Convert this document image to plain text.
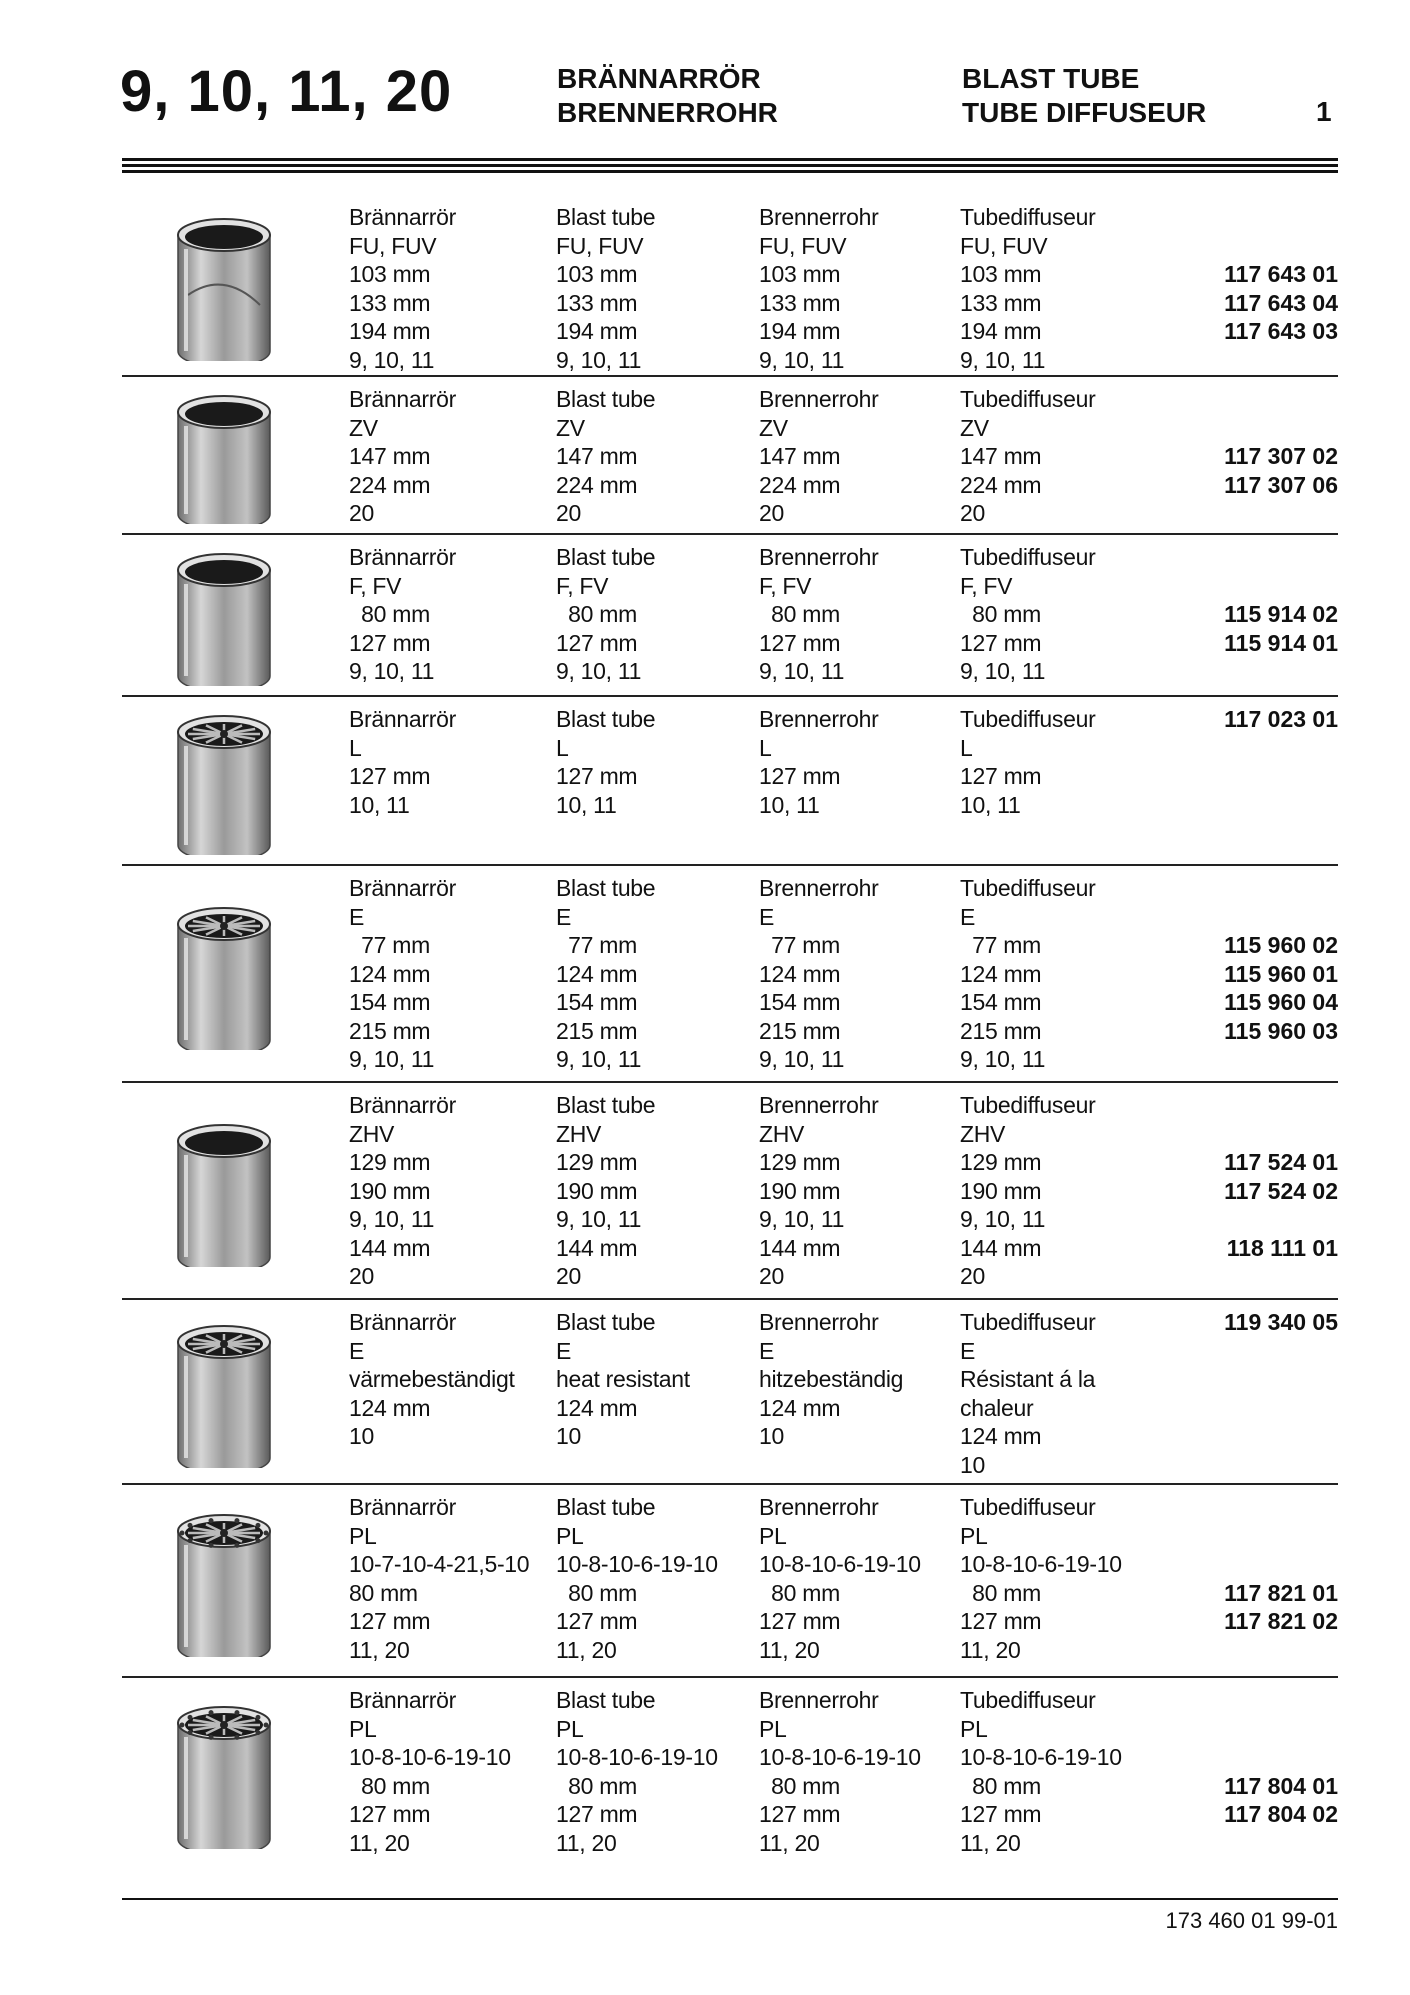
9, 10, 11, 20	BRÄNNARRÖR
BRENNERROHR
BLAST TUBE
TUBE DIFFUSEUR	1
Brännarrör
FU, FUV
103 mm
133 mm
194 mm
9, 10, 11
Blast tube
FU, FUV
103 mm
133 mm
194 mm
9, 10, 11
Brennerrohr
FU, FUV
103 mm
133 mm
194 mm
9, 10, 11
Tubediffuseur
FU, FUV
103 mm
133 mm
194 mm
9, 10, 11
117 643 01
117 643 04
117 643 03
Brännarrör
ZV
147 mm
224 mm
20
Blast tube
ZV
147 mm
224 mm
20
Brennerrohr
ZV
147 mm
224 mm
20
Tubediffuseur
ZV
147 mm
224 mm
20
117 307 02
117 307 06
Brännarrör
F, FV
80 mm
127 mm
9, 10, 11
Blast tube
F, FV
80 mm
127 mm
9, 10, 11
Brennerrohr
F, FV
80 mm
127 mm
9, 10, 11
Tubediffuseur
F, FV
80 mm
127 mm
9, 10, 11
115 914 02
115 914 01
Brännarrör
L
127 mm
10, 11
Blast tube
L
127 mm
10, 11
Brennerrohr
L
127 mm
10, 11
Tubediffuseur
L
127 mm
10, 11
117 023 01
Brännarrör
E
77 mm
124 mm
154 mm
215 mm
9, 10, 11
Blast tube
E
77 mm
124 mm
154 mm
215 mm
9, 10, 11
Brennerrohr
E
77 mm
124 mm
154 mm
215 mm
9, 10, 11
Tubediffuseur
E
77 mm
124 mm
154 mm
215 mm
9, 10, 11
115 960 02
115 960 01
115 960 04
115 960 03
Brännarrör
ZHV
129 mm
190 mm
9, 10, 11
144 mm
20
Blast tube
ZHV
129 mm
190 mm
9, 10, 11
144 mm
20
Brennerrohr
ZHV
129 mm
190 mm
9, 10, 11
144 mm
20
Tubediffuseur
ZHV
129 mm
190 mm
9, 10, 11
144 mm
20
117 524 01
117 524 02
118 111 01
Brännarrör
E
värmebeständigt
124 mm
10
Blast tube
E
heat resistant
124 mm
10
Brennerrohr
E
hitzebeständig
124 mm
10
Tubediffuseur
E
Résistant á la
chaleur
124 mm
10
119 340 05
Brännarrör
PL
10-7-10-4-21,5-10
80 mm
127 mm
11, 20
Blast tube
PL
10-8-10-6-19-10
80 mm
127 mm
11, 20
Brennerrohr
PL
10-8-10-6-19-10
80 mm
127 mm
11, 20
Tubediffuseur
PL
10-8-10-6-19-10
80 mm
127 mm
11, 20
117 821 01
117 821 02
Brännarrör
PL
10-8-10-6-19-10
80 mm
127 mm
11, 20
Blast tube
PL
10-8-10-6-19-10
80 mm
127 mm
11, 20
Brennerrohr
PL
10-8-10-6-19-10
80 mm
127 mm
11, 20
Tubediffuseur
PL
10-8-10-6-19-10
80 mm
127 mm
11, 20
117 804 01
117 804 02
173 460 01 99-01
